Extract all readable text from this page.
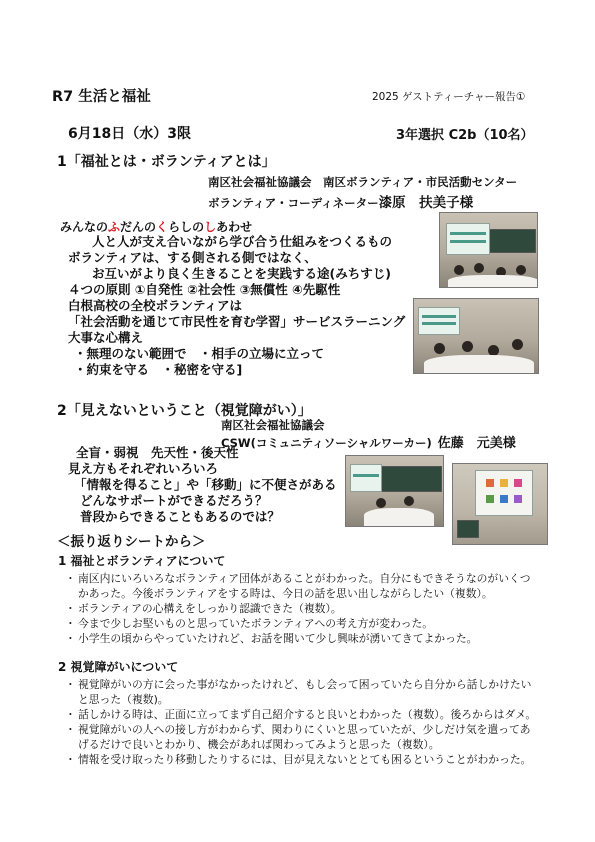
R7 生活と福祉	2025 ゲストティーチャー報告①
6月18日（水）3限	3年選択 C2b（10名）
1「福祉とは・ボランティアとは」
南区社会福祉協議会　南区ボランティア・市民活動センター
ボランティア・コーディネーター漆原　扶美子様
みんなのふだんのくらしのしあわせ
人と人が支え合いながら学び合う仕組みをつくるもの
ボランティアは、する側される側ではなく、
お互いがより良く生きることを実践する途(みちすじ)
４つの原則 ①自発性 ②社会性 ③無償性 ④先駆性
白根高校の全校ボランティアは
「社会活動を通じて市民性を育む学習」サービスラーニング
大事な心構え
・無理のない範囲で　・相手の立場に立って
・約束を守る　・秘密を守る]
2「見えないということ（視覚障がい）」
南区社会福祉協議会
CSW(コミュニティソーシャルワーカー) 佐藤　元美様
全盲・弱視　先天性・後天性
見え方もそれぞれいろいろ
「情報を得ること」や「移動」に不便さがある
どんなサポートができるだろう？
普段からできることもあるのでは？
＜振り返りシートから＞
1 福祉とボランティアについて
・ 南区内にいろいろなボランティア団体があることがわかった。自分にもできそうなのがいくつ
かあった。今後ボランティアをする時は、今日の話を思い出しながらしたい（複数）。
・ ボランティアの心構えをしっかり認識できた（複数）。
・ 今まで少しお堅いものと思っていたボランティアへの考え方が変わった。
・ 小学生の頃からやっていたけれど、お話を聞いて少し興味が湧いてきてよかった。
2 視覚障がいについて
・ 視覚障がいの方に会った事がなかったけれど、もし会って困っていたら自分から話しかけたい
と思った（複数)。
・ 話しかける時は、正面に立ってまず自己紹介すると良いとわかった（複数）。後ろからはダメ。
・ 視覚障がいの人への接し方がわからず、関わりにくいと思っていたが、少しだけ気を遣ってあ
げるだけで良いとわかり、機会があれば関わってみようと思った（複数）。
・ 情報を受け取ったり移動したりするには、目が見えないととても困るということがわかった。
